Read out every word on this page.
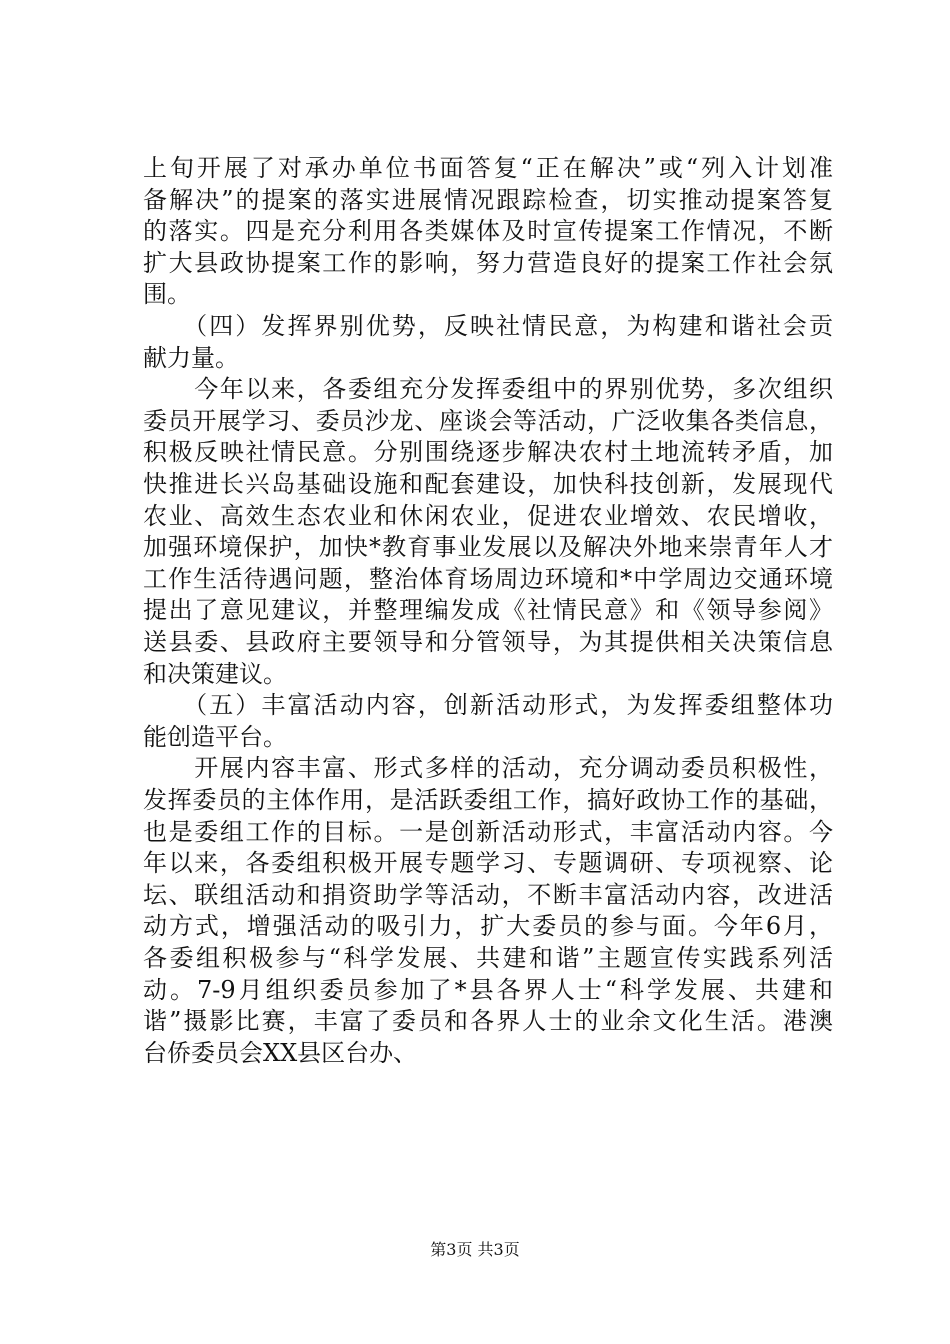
上旬开展了对承办单位书面答复“正在解决”或“列入计划准
备解决”的提案的落实进展情况跟踪检查，切实推动提案答复
的落实。四是充分利用各类媒体及时宣传提案工作情况，不断
扩大县政协提案工作的影响，努力营造良好的提案工作社会氛
围。
　　（四）发挥界别优势，反映社情民意，为构建和谐社会贡
献力量。
　　今年以来，各委组充分发挥委组中的界别优势，多次组织
委员开展学习、委员沙龙、座谈会等活动，广泛收集各类信息，
积极反映社情民意。分别围绕逐步解决农村土地流转矛盾，加
快推进长兴岛基础设施和配套建设，加快科技创新，发展现代
农业、高效生态农业和休闲农业，促进农业增效、农民增收，
加强环境保护，加快*教育事业发展以及解决外地来崇青年人才
工作生活待遇问题，整治体育场周边环境和*中学周边交通环境
提出了意见建议，并整理编发成《社情民意》和《领导参阅》
送县委、县政府主要领导和分管领导，为其提供相关决策信息
和决策建议。
　　（五）丰富活动内容，创新活动形式，为发挥委组整体功
能创造平台。
　　开展内容丰富、形式多样的活动，充分调动委员积极性，
发挥委员的主体作用，是活跃委组工作，搞好政协工作的基础，
也是委组工作的目标。一是创新活动形式，丰富活动内容。今
年以来，各委组积极开展专题学习、专题调研、专项视察、论
坛、联组活动和捐资助学等活动，不断丰富活动内容，改进活
动方式，增强活动的吸引力，扩大委员的参与面。今年6月，
各委组积极参与“科学发展、共建和谐”主题宣传实践系列活
动。7-9月组织委员参加了*县各界人士“科学发展、共建和
谐”摄影比赛，丰富了委员和各界人士的业余文化生活。港澳
台侨委员会XX县区台办、
第3页 共3页
